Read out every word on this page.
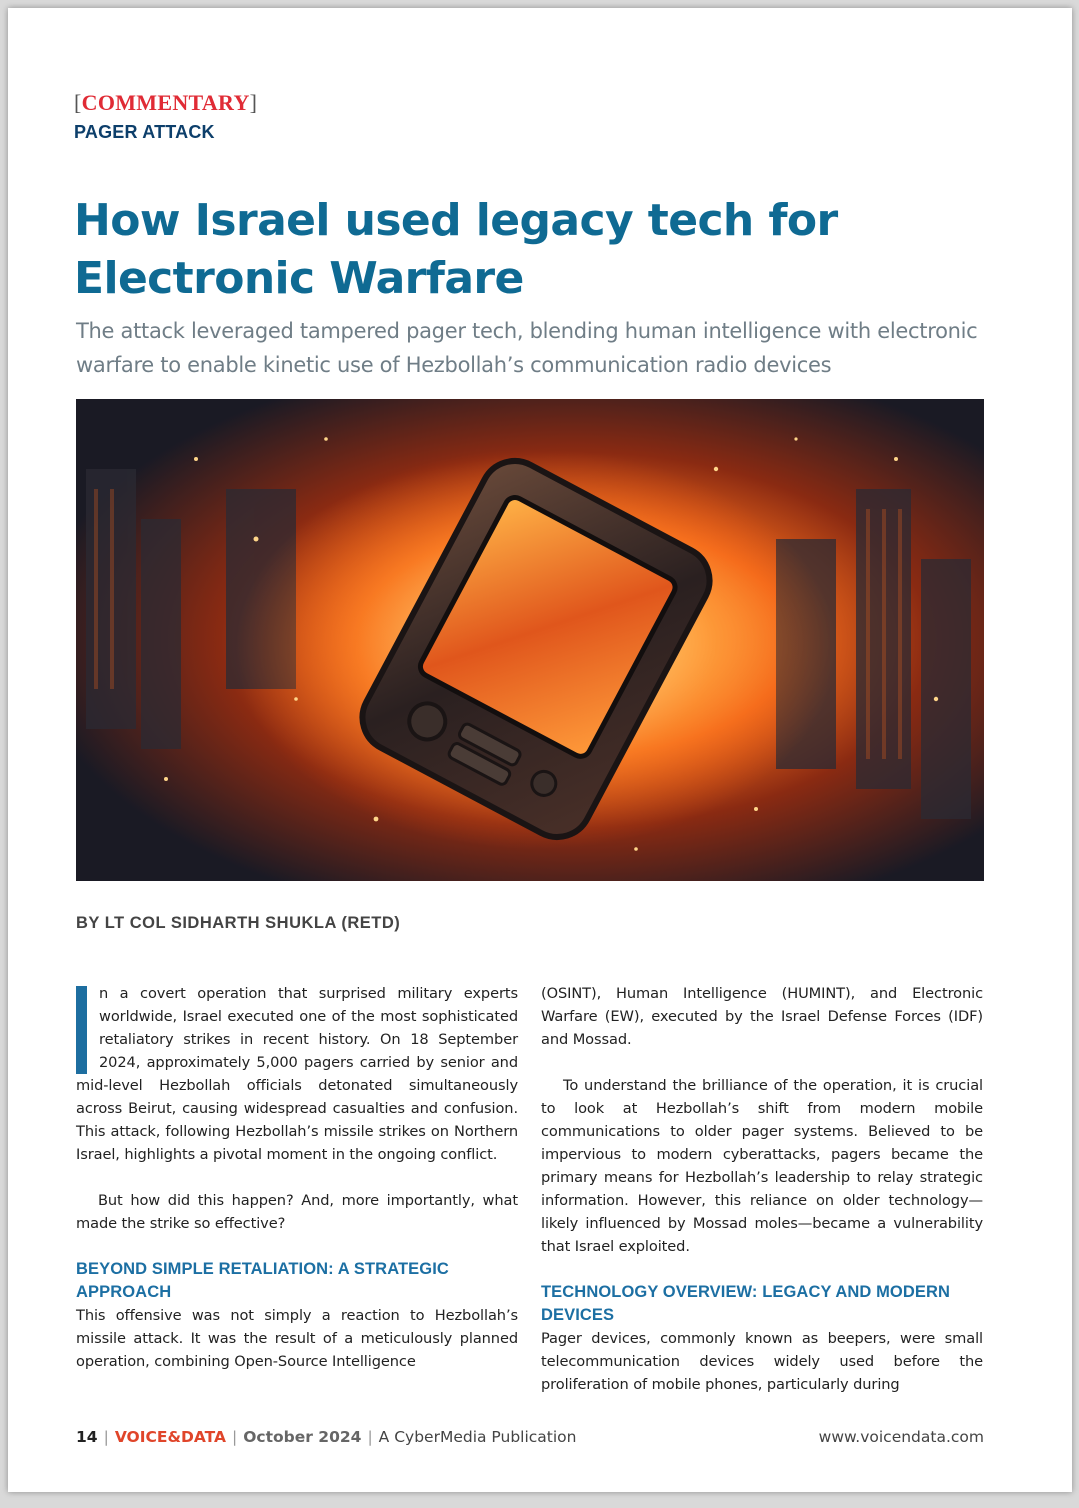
[COMMENTARY]
PAGER ATTACK
How Israel used legacy tech for Electronic Warfare
The attack leveraged tampered pager tech, blending human intelligence with electronic warfare to enable kinetic use of Hezbollah’s communication radio devices
BY LT COL SIDHARTH SHUKLA (RETD)

n a covert operation that surprised military experts worldwide, Israel executed one of the most sophisticated retaliatory strikes in recent history. On 18 September 2024, approximately 5,000 pagers carried by senior and mid-level Hezbollah officials detonated simultaneously across Beirut, causing widespread casualties and confusion. This attack, following Hezbollah’s missile strikes on Northern Israel, highlights a pivotal moment in the ongoing conflict.

But how did this happen? And, more importantly, what made the strike so effective?

BEYOND SIMPLE RETALIATION: A STRATEGIC APPROACH

This offensive was not simply a reaction to Hezbollah’s missile attack. It was the result of a meticulously planned operation, combining Open-Source Intelligence

(OSINT), Human Intelligence (HUMINT), and Electronic Warfare (EW), executed by the Israel Defense Forces (IDF) and Mossad.

To understand the brilliance of the operation, it is crucial to look at Hezbollah’s shift from modern mobile communications to older pager systems. Believed to be impervious to modern cyberattacks, pagers became the primary means for Hezbollah’s leadership to relay strategic information. However, this reliance on older technology—likely influenced by Mossad moles—became a vulnerability that Israel exploited.

TECHNOLOGY OVERVIEW: LEGACY AND MODERN DEVICES

Pager devices, commonly known as beepers, were small telecommunication devices widely used before the proliferation of mobile phones, particularly during

14 | VOICE&DATA | October 2024 | A CyberMedia Publication	www.voicendata.com
